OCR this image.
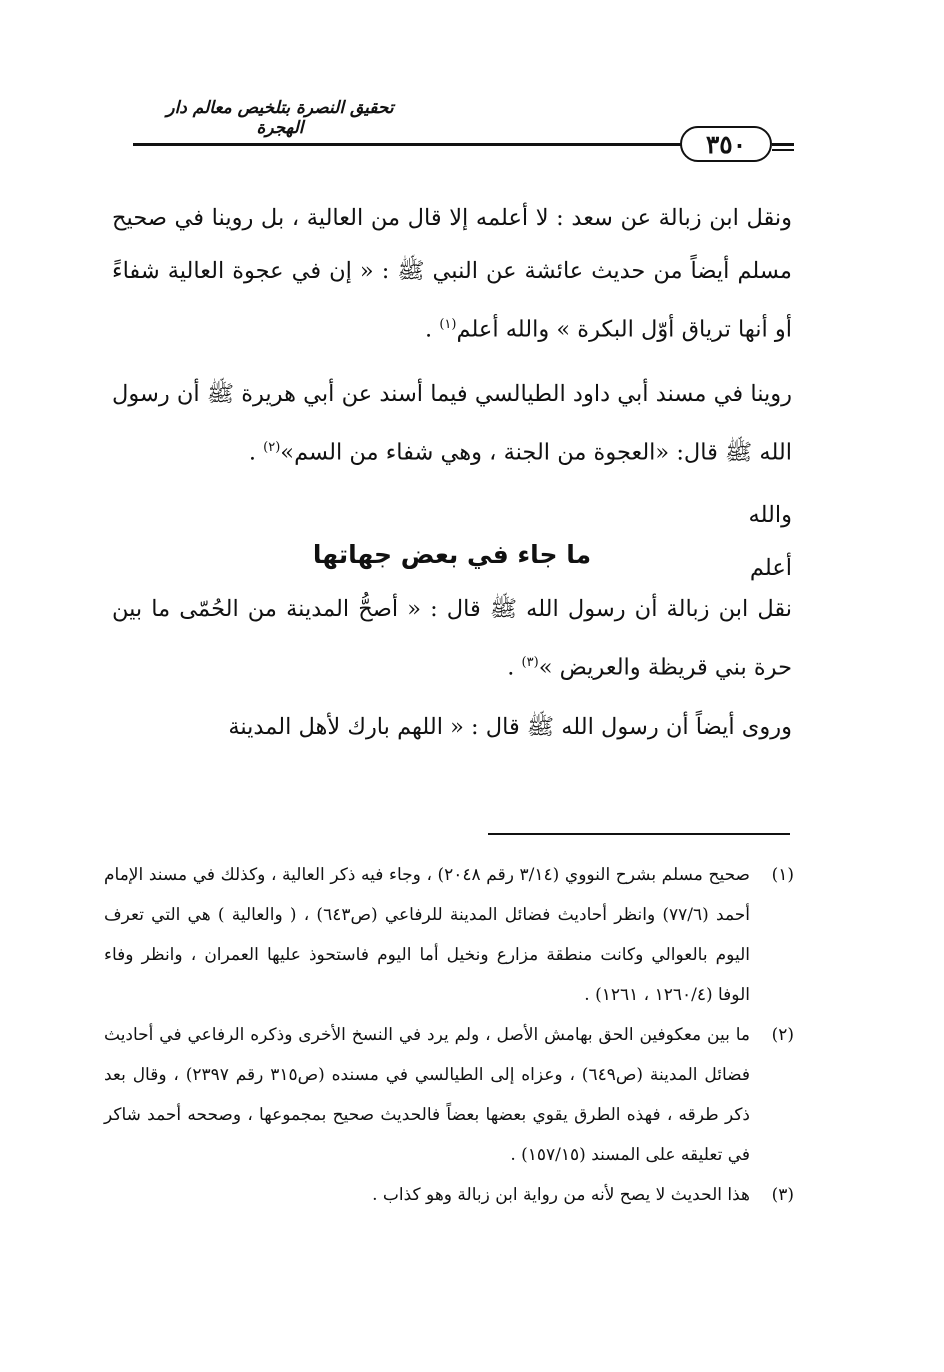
تحقيق النصرة بتلخيص معالم دار الهجرة
٣٥٠
ونقل ابن زبالة عن سعد : لا أعلمه إلا قال من العالية ، بل روينا في صحيح مسلم أيضاً من حديث عائشة عن النبي ﷺ : « إن في عجوة العالية شفاءً أو أنها ترياق أوّل البكرة » والله أعلم$^{(١)}$ .
روينا في مسند أبي داود الطيالسي فيما أسند عن أبي هريرة ﷺ أن رسول الله ﷺ قال: «العجوة من الجنة ، وهي شفاء من السم»$^{(٢)}$ .
والله أعلم
ما جاء في بعض جهاتها
نقل ابن زبالة أن رسول الله ﷺ قال : « أصحُّ المدينة من الحُمّى ما بين حرة بني قريظة والعريض »$^{(٣)}$ .
وروى أيضاً أن رسول الله ﷺ قال : « اللهم بارك لأهل المدينة
(١)
صحيح مسلم بشرح النووي (٣/١٤ رقم ٢٠٤٨) ، وجاء فيه ذكر العالية ، وكذلك في مسند الإمام أحمد (٧٧/٦) وانظر أحاديث فضائل المدينة للرفاعي (ص٦٤٣) ، ( والعالية ) هي التي تعرف اليوم بالعوالي وكانت منطقة مزارع ونخيل أما اليوم فاستحوذ عليها العمران ، وانظر وفاء الوفا (١٢٦٠/٤ ، ١٢٦١) .
(٢)
ما بين معكوفين الحق بهامش الأصل ، ولم يرد في النسخ الأخرى وذكره الرفاعي في أحاديث فضائل المدينة (ص٦٤٩) ، وعزاه إلى الطيالسي في مسنده (ص٣١٥ رقم ٢٣٩٧) ، وقال بعد ذكر طرقه ، فهذه الطرق يقوي بعضها بعضاً فالحديث صحيح بمجموعها ، وصححه أحمد شاكر في تعليقه على المسند (١٥٧/١٥) .
(٣)
هذا الحديث لا يصح لأنه من رواية ابن زبالة وهو كذاب .
